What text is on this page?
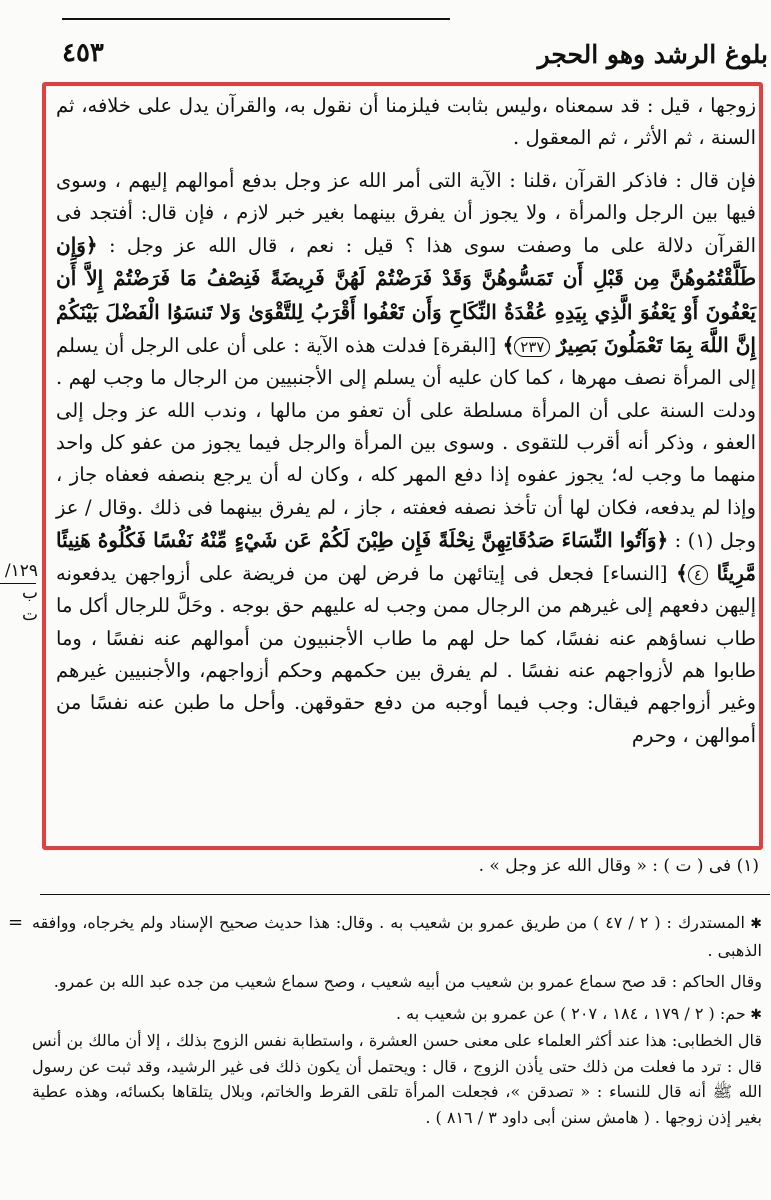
٤٥٣	بلوغ الرشد وهو الحجر

زوجها ، قيل : قد سمعناه ،وليس بثابت فيلزمنا أن نقول به، والقرآن يدل على خلافه، ثم السنة ، ثم الأثر ، ثم المعقول .

فإن قال : فاذكر القرآن ،قلنا : الآية التى أمر الله عز وجل بدفع أموالهم إليهم ، وسوى فيها بين الرجل والمرأة ، ولا يجوز أن يفرق بينهما بغير خبر لازم ، فإن قال: أفتجد فى القرآن دلالة على ما وصفت سوى هذا ؟ قيل : نعم ، قال الله عز وجل : ﴿وَإِن طَلَّقْتُمُوهُنَّ مِن قَبْلِ أَن تَمَسُّوهُنَّ وَقَدْ فَرَضْتُمْ لَهُنَّ فَرِيضَةً فَنِصْفُ مَا فَرَضْتُمْ إِلاَّ أَن يَعْفُونَ أَوْ يَعْفُوَ الَّذِي بِيَدِهِ عُقْدَةُ النِّكَاحِ وَأَن تَعْفُوا أَقْرَبُ لِلتَّقْوَىٰ وَلا تَنسَوُا الْفَضْلَ بَيْنَكُمْ إِنَّ اللَّهَ بِمَا تَعْمَلُونَ بَصِيرٌ ٢٣٧﴾ [البقرة] فدلت هذه الآية : على أن على الرجل أن يسلم إلى المرأة نصف مهرها ، كما كان عليه أن يسلم إلى الأجنبيين من الرجال ما وجب لهم . ودلت السنة على أن المرأة مسلطة على أن تعفو من مالها ، وندب الله عز وجل إلى العفو ، وذكر أنه أقرب للتقوى . وسوى بين المرأة والرجل فيما يجوز من عفو كل واحد منهما ما وجب له؛ يجوز عفوه إذا دفع المهر كله ، وكان له أن يرجع بنصفه فعفاه جاز ، وإذا لم يدفعه، فكان لها أن تأخذ نصفه فعفته ، جاز ، لم يفرق بينهما فى ذلك .وقال / عز وجل (١) : ﴿وَآتُوا النِّسَاءَ صَدُقَاتِهِنَّ نِحْلَةً فَإِن طِبْنَ لَكُمْ عَن شَيْءٍ مِّنْهُ نَفْسًا فَكُلُوهُ هَنِيئًا مَّرِيئًا ٤﴾ [النساء] فجعل فى إيتائهن ما فرض لهن من فريضة على أزواجهن يدفعونه إليهن دفعهم إلى غيرهم من الرجال ممن وجب له عليهم حق بوجه . وحَلَّ للرجال أكل ما طاب نساؤهم عنه نفسًا، كما حل لهم ما طاب الأجنبيون من أموالهم عنه نفسًا ، وما طابوا هم لأزواجهم عنه نفسًا . لم يفرق بين حكمهم وحكم أزواجهم، والأجنبيين غيرهم وغير أزواجهم فيقال: وجب فيما أوجبه من دفع حقوقهن. وأحل ما طبن عنه نفسًا من أموالهن ، وحرم

١٢٩/ب
ت
(١) فى ( ت ) : « وقال الله عز وجل » .
=	✱ المستدرك : ( ٢ / ٤٧ ) من طريق عمرو بن شعيب به . وقال: هذا حديث صحيح الإسناد ولم يخرجاه، ووافقه الذهبى .

وقال الحاكم : قد صح سماع عمرو بن شعيب من أبيه شعيب ، وصح سماع شعيب من جده عبد الله بن عمرو.

✱ حم: ( ٢ / ١٧٩ ، ١٨٤ ، ٢٠٧ ) عن عمرو بن شعيب به .

قال الخطابى: هذا عند أكثر العلماء على معنى حسن العشرة ، واستطابة نفس الزوج بذلك ، إلا أن مالك بن أنس قال : ترد ما فعلت من ذلك حتى يأذن الزوج ، قال : ويحتمل أن يكون ذلك فى غير الرشيد، وقد ثبت عن رسول الله ﷺ أنه قال للنساء : « تصدقن »، فجعلت المرأة تلقى القرط والخاتم، وبلال يتلقاها بكسائه، وهذه عطية بغير إذن زوجها . ( هامش سنن أبى داود ٣ / ٨١٦ ) .
